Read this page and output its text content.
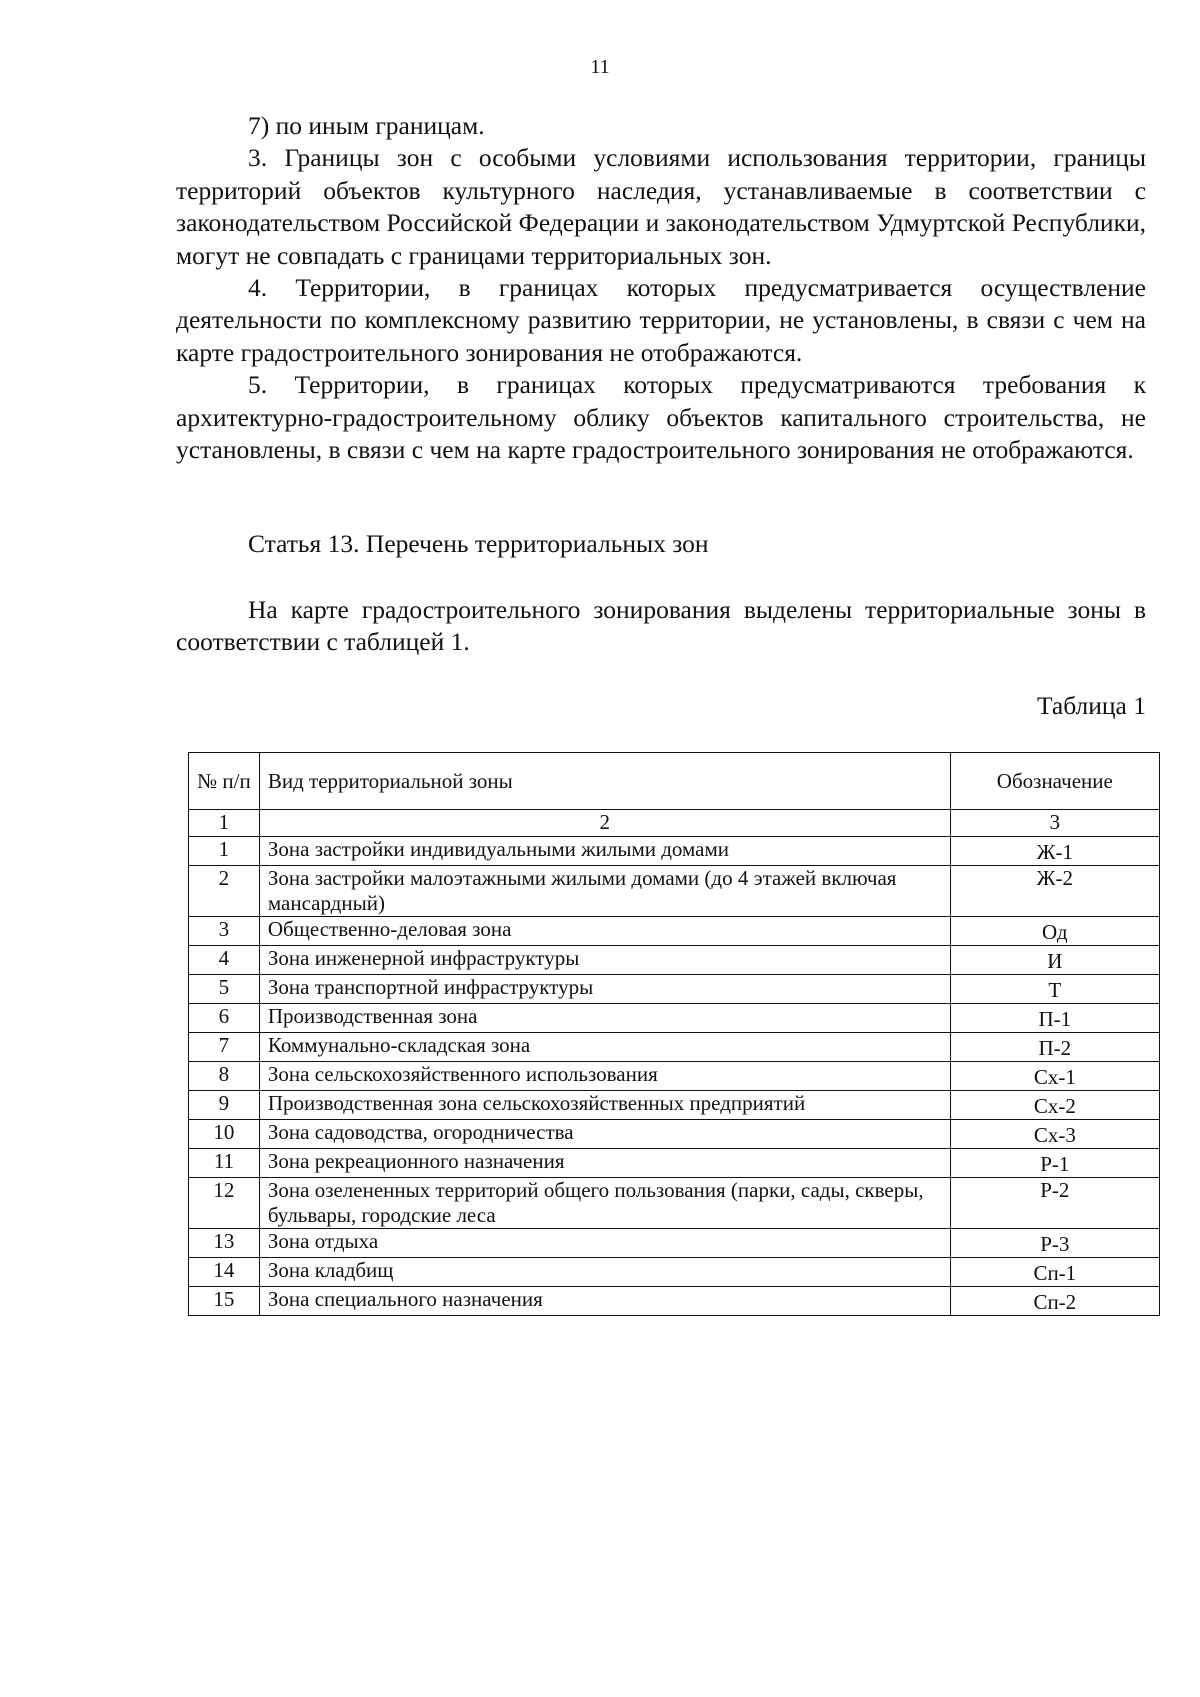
11

7) по иным границам.

3. Границы зон с особыми условиями использования территории, границы территорий объектов культурного наследия, устанавливаемые в соответствии с законодательством Российской Федерации и законодательством Удмуртской Республики, могут не совпадать с границами территориальных зон.

4. Территории, в границах которых предусматривается осуществление деятельности по комплексному развитию территории, не установлены, в связи с чем на карте градостроительного зонирования не отображаются.

5. Территории, в границах которых предусматриваются требования к архитектурно-градостроительному облику объектов капитального строительства, не установлены, в связи с чем на карте градостроительного зонирования не отображаются.

Статья 13. Перечень территориальных зон

На карте градостроительного зонирования выделены территориальные зоны в соответствии с таблицей 1.

Таблица 1
№ п/п	Вид территориальной зоны	Обозначение
1	2	3
1	Зона застройки индивидуальными жилыми домами	Ж-1
2	Зона застройки малоэтажными жилыми домами (до 4 этажей включая мансардный)	Ж-2
3	Общественно-деловая зона	Од
4	Зона инженерной инфраструктуры	И
5	Зона транспортной инфраструктуры	Т
6	Производственная зона	П-1
7	Коммунально-складская зона	П-2
8	Зона сельскохозяйственного использования	Сх-1
9	Производственная зона сельскохозяйственных предприятий	Сх-2
10	Зона садоводства, огородничества	Сх-3
11	Зона рекреационного назначения	Р-1
12	Зона озелененных территорий общего пользования (парки, сады, скверы, бульвары, городские леса	Р-2
13	Зона отдыха	Р-3
14	Зона кладбищ	Сп-1
15	Зона специального назначения	Сп-2
